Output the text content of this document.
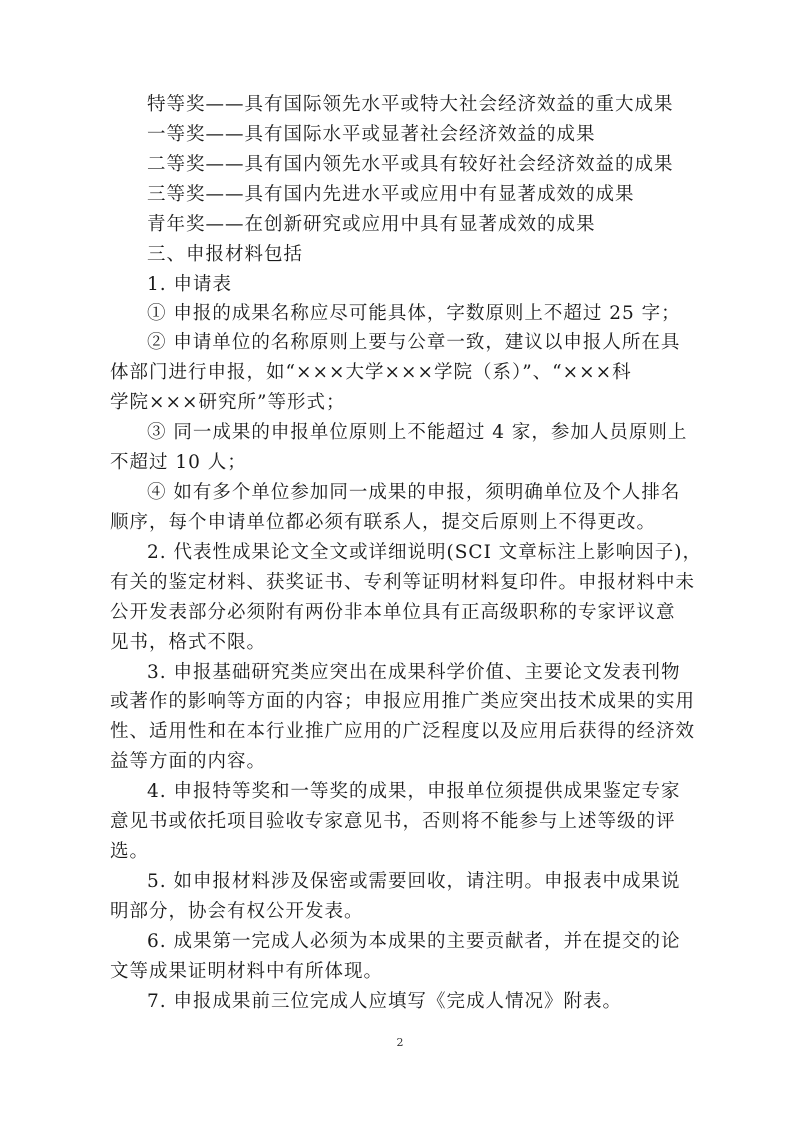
特等奖——具有国际领先水平或特大社会经济效益的重大成果
一等奖——具有国际水平或显著社会经济效益的成果
二等奖——具有国内领先水平或具有较好社会经济效益的成果
三等奖——具有国内先进水平或应用中有显著成效的成果
青年奖——在创新研究或应用中具有显著成效的成果
三、申报材料包括
1. 申请表
① 申报的成果名称应尽可能具体，字数原则上不超过 25 字；
② 申请单位的名称原则上要与公章一致，建议以申报人所在具
体部门进行申报，如“×××大学×××学院（系）”、“×××科
学院×××研究所”等形式；
③ 同一成果的申报单位原则上不能超过 4 家，参加人员原则上
不超过 10 人；
④ 如有多个单位参加同一成果的申报，须明确单位及个人排名
顺序，每个申请单位都必须有联系人，提交后原则上不得更改。
2. 代表性成果论文全文或详细说明(SCI 文章标注上影响因子)，
有关的鉴定材料、获奖证书、专利等证明材料复印件。申报材料中未
公开发表部分必须附有两份非本单位具有正高级职称的专家评议意
见书，格式不限。
3. 申报基础研究类应突出在成果科学价值、主要论文发表刊物
或著作的影响等方面的内容；申报应用推广类应突出技术成果的实用
性、适用性和在本行业推广应用的广泛程度以及应用后获得的经济效
益等方面的内容。
4. 申报特等奖和一等奖的成果，申报单位须提供成果鉴定专家
意见书或依托项目验收专家意见书，否则将不能参与上述等级的评
选。
5. 如申报材料涉及保密或需要回收，请注明。申报表中成果说
明部分，协会有权公开发表。
6. 成果第一完成人必须为本成果的主要贡献者，并在提交的论
文等成果证明材料中有所体现。
7. 申报成果前三位完成人应填写《完成人情况》附表。
2
